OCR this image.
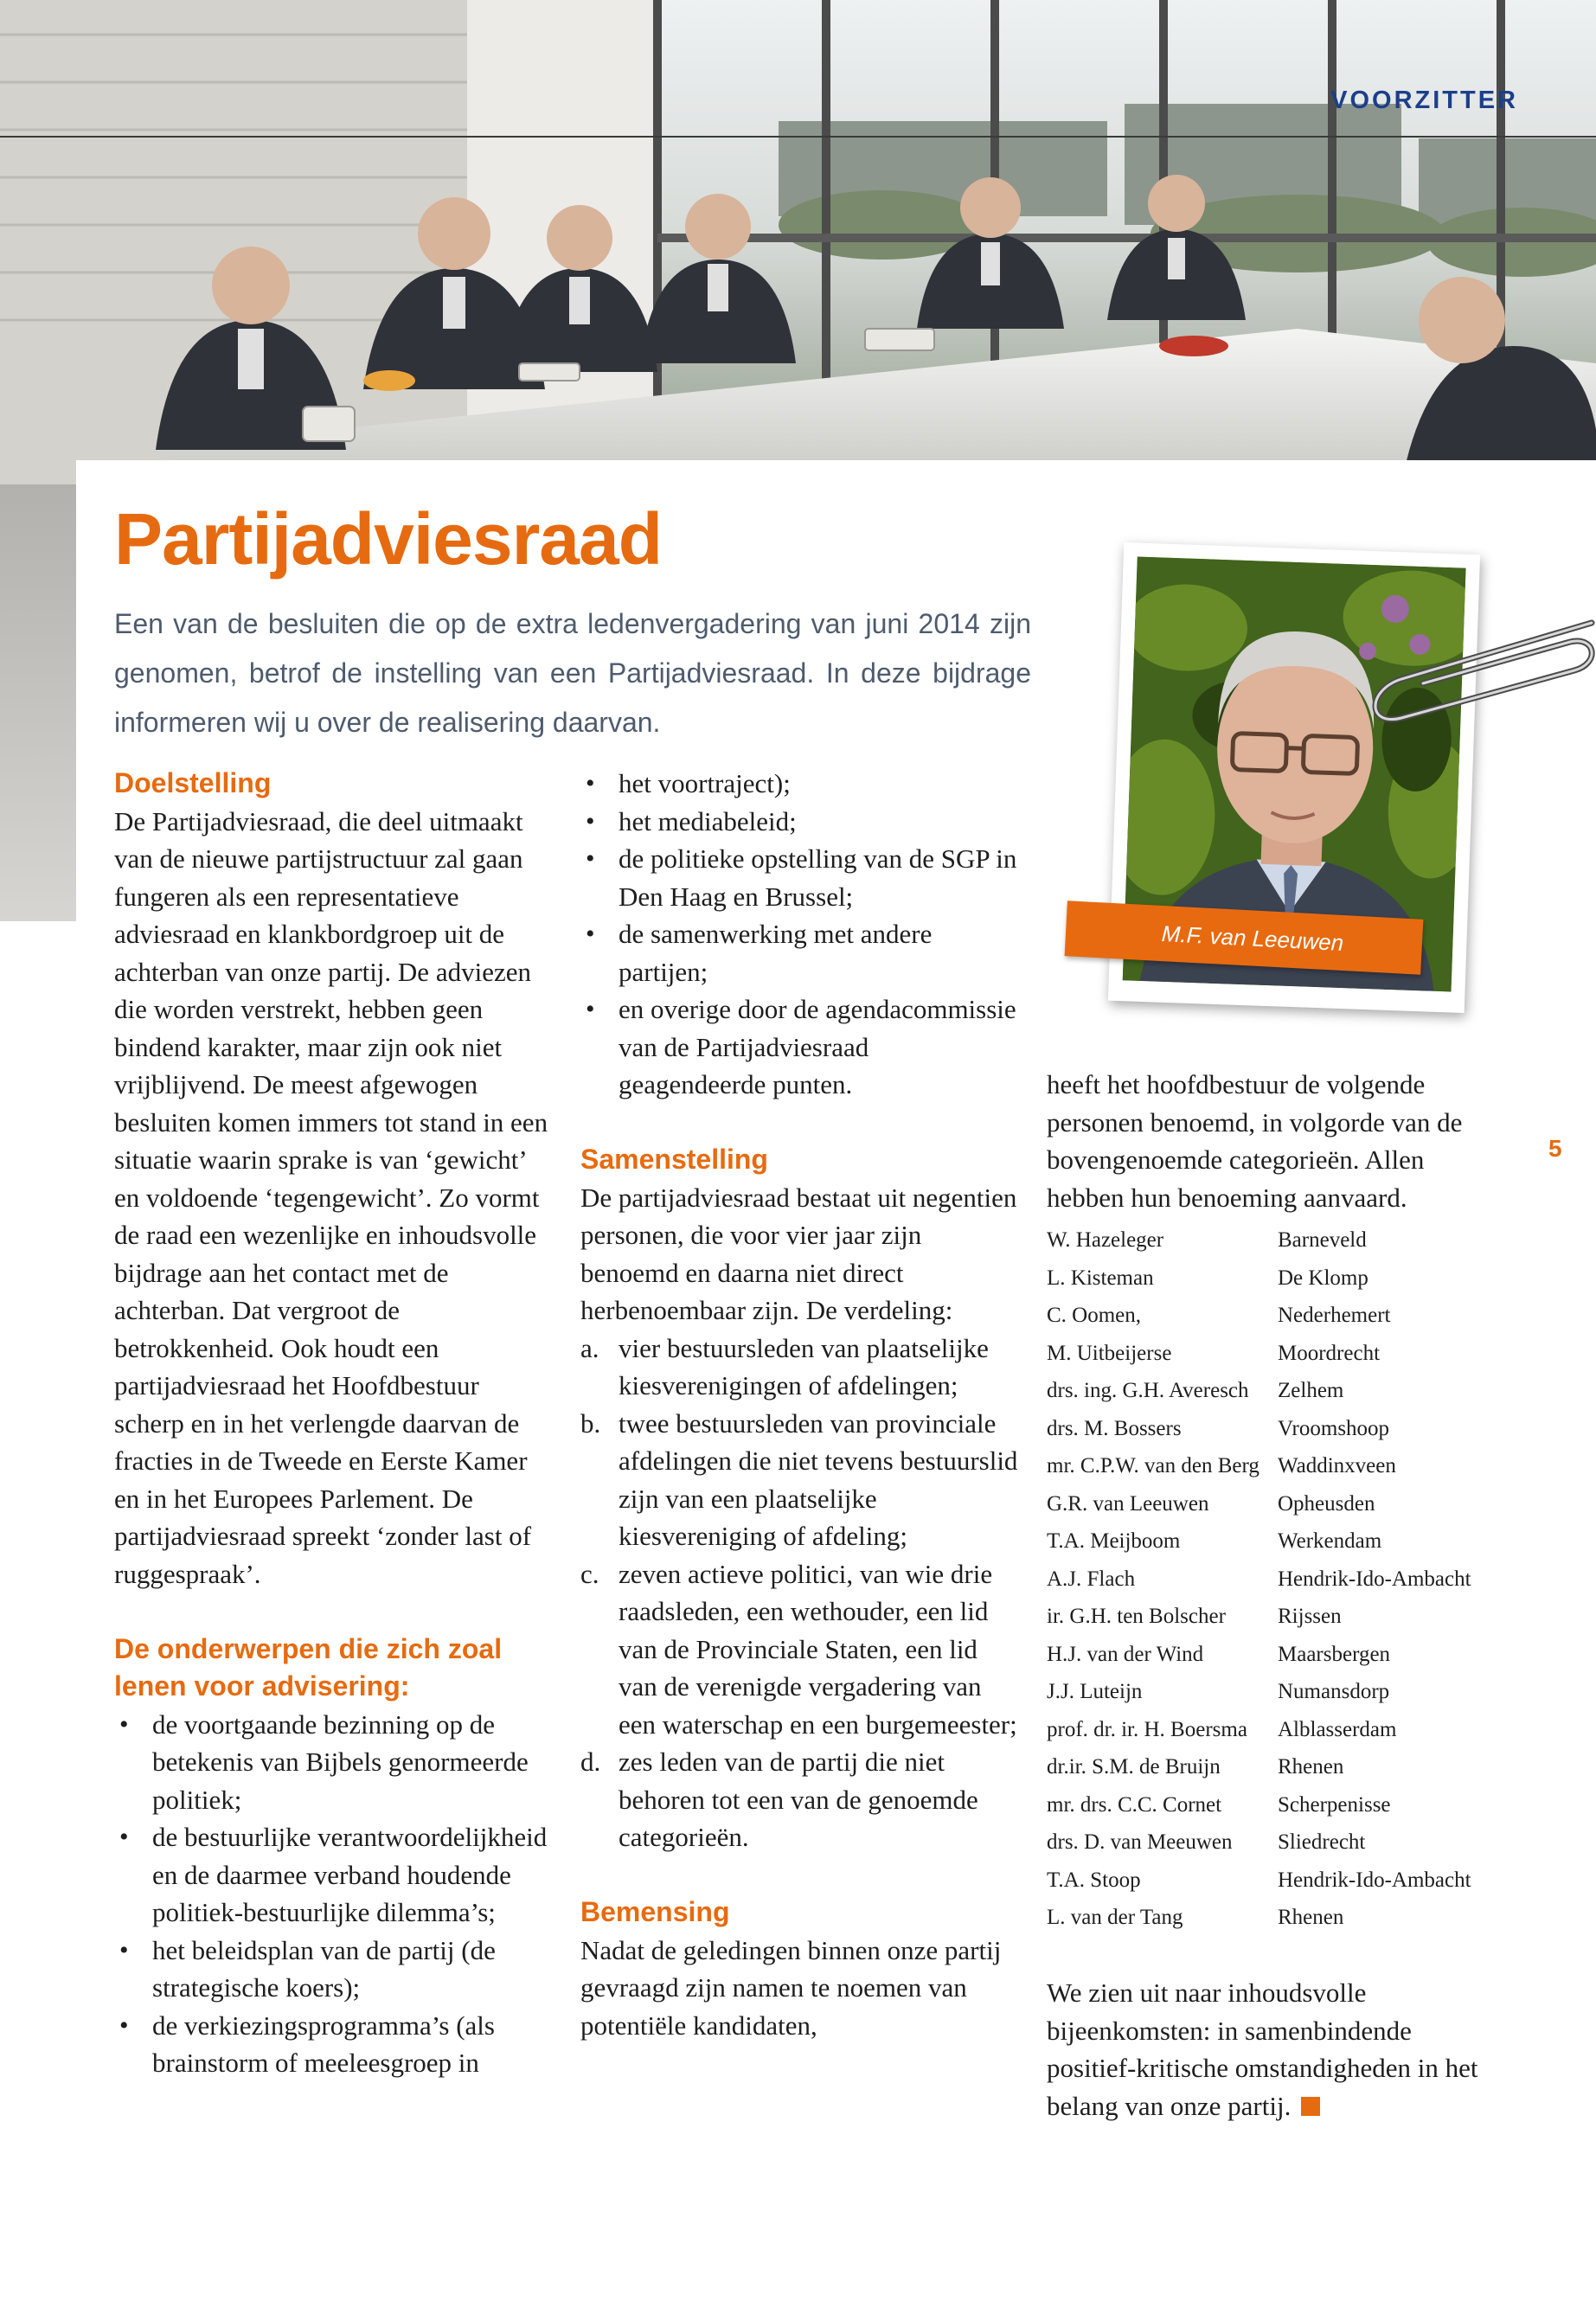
VOORZITTER
Partijadviesraad

Een van de besluiten die op de extra ledenvergadering van juni 2014 zijn genomen, betrof de instelling van een Partijadviesraad. In deze bijdrage informeren wij u over de realisering daarvan.

Doelstelling

De Partijadviesraad, die deel uitmaakt van de nieuwe partijstructuur zal gaan fungeren als een representatieve adviesraad en klankbordgroep uit de achterban van onze partij. De adviezen die worden verstrekt, hebben geen bindend karakter, maar zijn ook niet vrijblijvend. De meest afgewogen besluiten komen immers tot stand in een situatie waarin sprake is van ‘gewicht’ en voldoende ‘tegengewicht’. Zo vormt de raad een wezenlijke en inhoudsvolle bijdrage aan het contact met de achterban. Dat vergroot de betrokkenheid. Ook houdt een partijadviesraad het Hoofdbestuur scherp en in het verlengde daarvan de fracties in de Tweede en Eerste Kamer en in het Europees Parlement. De partijadviesraad spreekt ‘zonder last of ruggespraak’.

De onderwerpen die zich zoal lenen voor advisering:
• de voortgaande bezinning op de betekenis van Bijbels genormeerde politiek;
• de bestuurlijke verantwoordelijkheid en de daarmee verband houdende politiek-bestuurlijke dilemma’s;
• het beleidsplan van de partij (de strategische koers);
• de verkiezingsprogramma’s (als brainstorm of meeleesgroep in
• het voortraject);
• het mediabeleid;
• de politieke opstelling van de SGP in Den Haag en Brussel;
• de samenwerking met andere partijen;
• en overige door de agendacommissie van de Partijadviesraad geagendeerde punten.
Samenstelling

De partijadviesraad bestaat uit negentien personen, die voor vier jaar zijn benoemd en daarna niet direct herbenoembaar zijn. De verdeling:

a. vier bestuursleden van plaatselijke kiesverenigingen of afdelingen;
b. twee bestuursleden van provinciale afdelingen die niet tevens bestuurslid zijn van een plaatselijke kiesvereniging of afdeling;
c. zeven actieve politici, van wie drie raadsleden, een wethouder, een lid van de Provinciale Staten, een lid van de verenigde vergadering van een waterschap en een burgemeester;
d. zes leden van de partij die niet behoren tot een van de genoemde categorieën.
Bemensing

Nadat de geledingen binnen onze partij gevraagd zijn namen te noemen van potentiële kandidaten,

heeft het hoofdbestuur de volgende personen benoemd, in volgorde van de bovengenoemde categorieën. Allen hebben hun benoeming aanvaard.

W. Hazeleger	Barneveld
L. Kisteman	De Klomp
C. Oomen,	Nederhemert
M. Uitbeijerse	Moordrecht
drs. ing. G.H. Averesch	Zelhem
drs. M. Bossers	Vroomshoop
mr. C.P.W. van den Berg	Waddinxveen
G.R. van Leeuwen	Opheusden
T.A. Meijboom	Werkendam
A.J. Flach	Hendrik-Ido-Ambacht
ir. G.H. ten Bolscher	Rijssen
H.J. van der Wind	Maarsbergen
J.J. Luteijn	Numansdorp
prof. dr. ir. H. Boersma	Alblasserdam
dr.ir. S.M. de Bruijn	Rhenen
mr. drs. C.C. Cornet	Scherpenisse
drs. D. van Meeuwen	Sliedrecht
T.A. Stoop	Hendrik-Ido-Ambacht
L. van der Tang	Rhenen

We zien uit naar inhoudsvolle bijeenkomsten: in samenbindende positief-kritische omstandigheden in het belang van onze partij.

5
M.F. van Leeuwen
